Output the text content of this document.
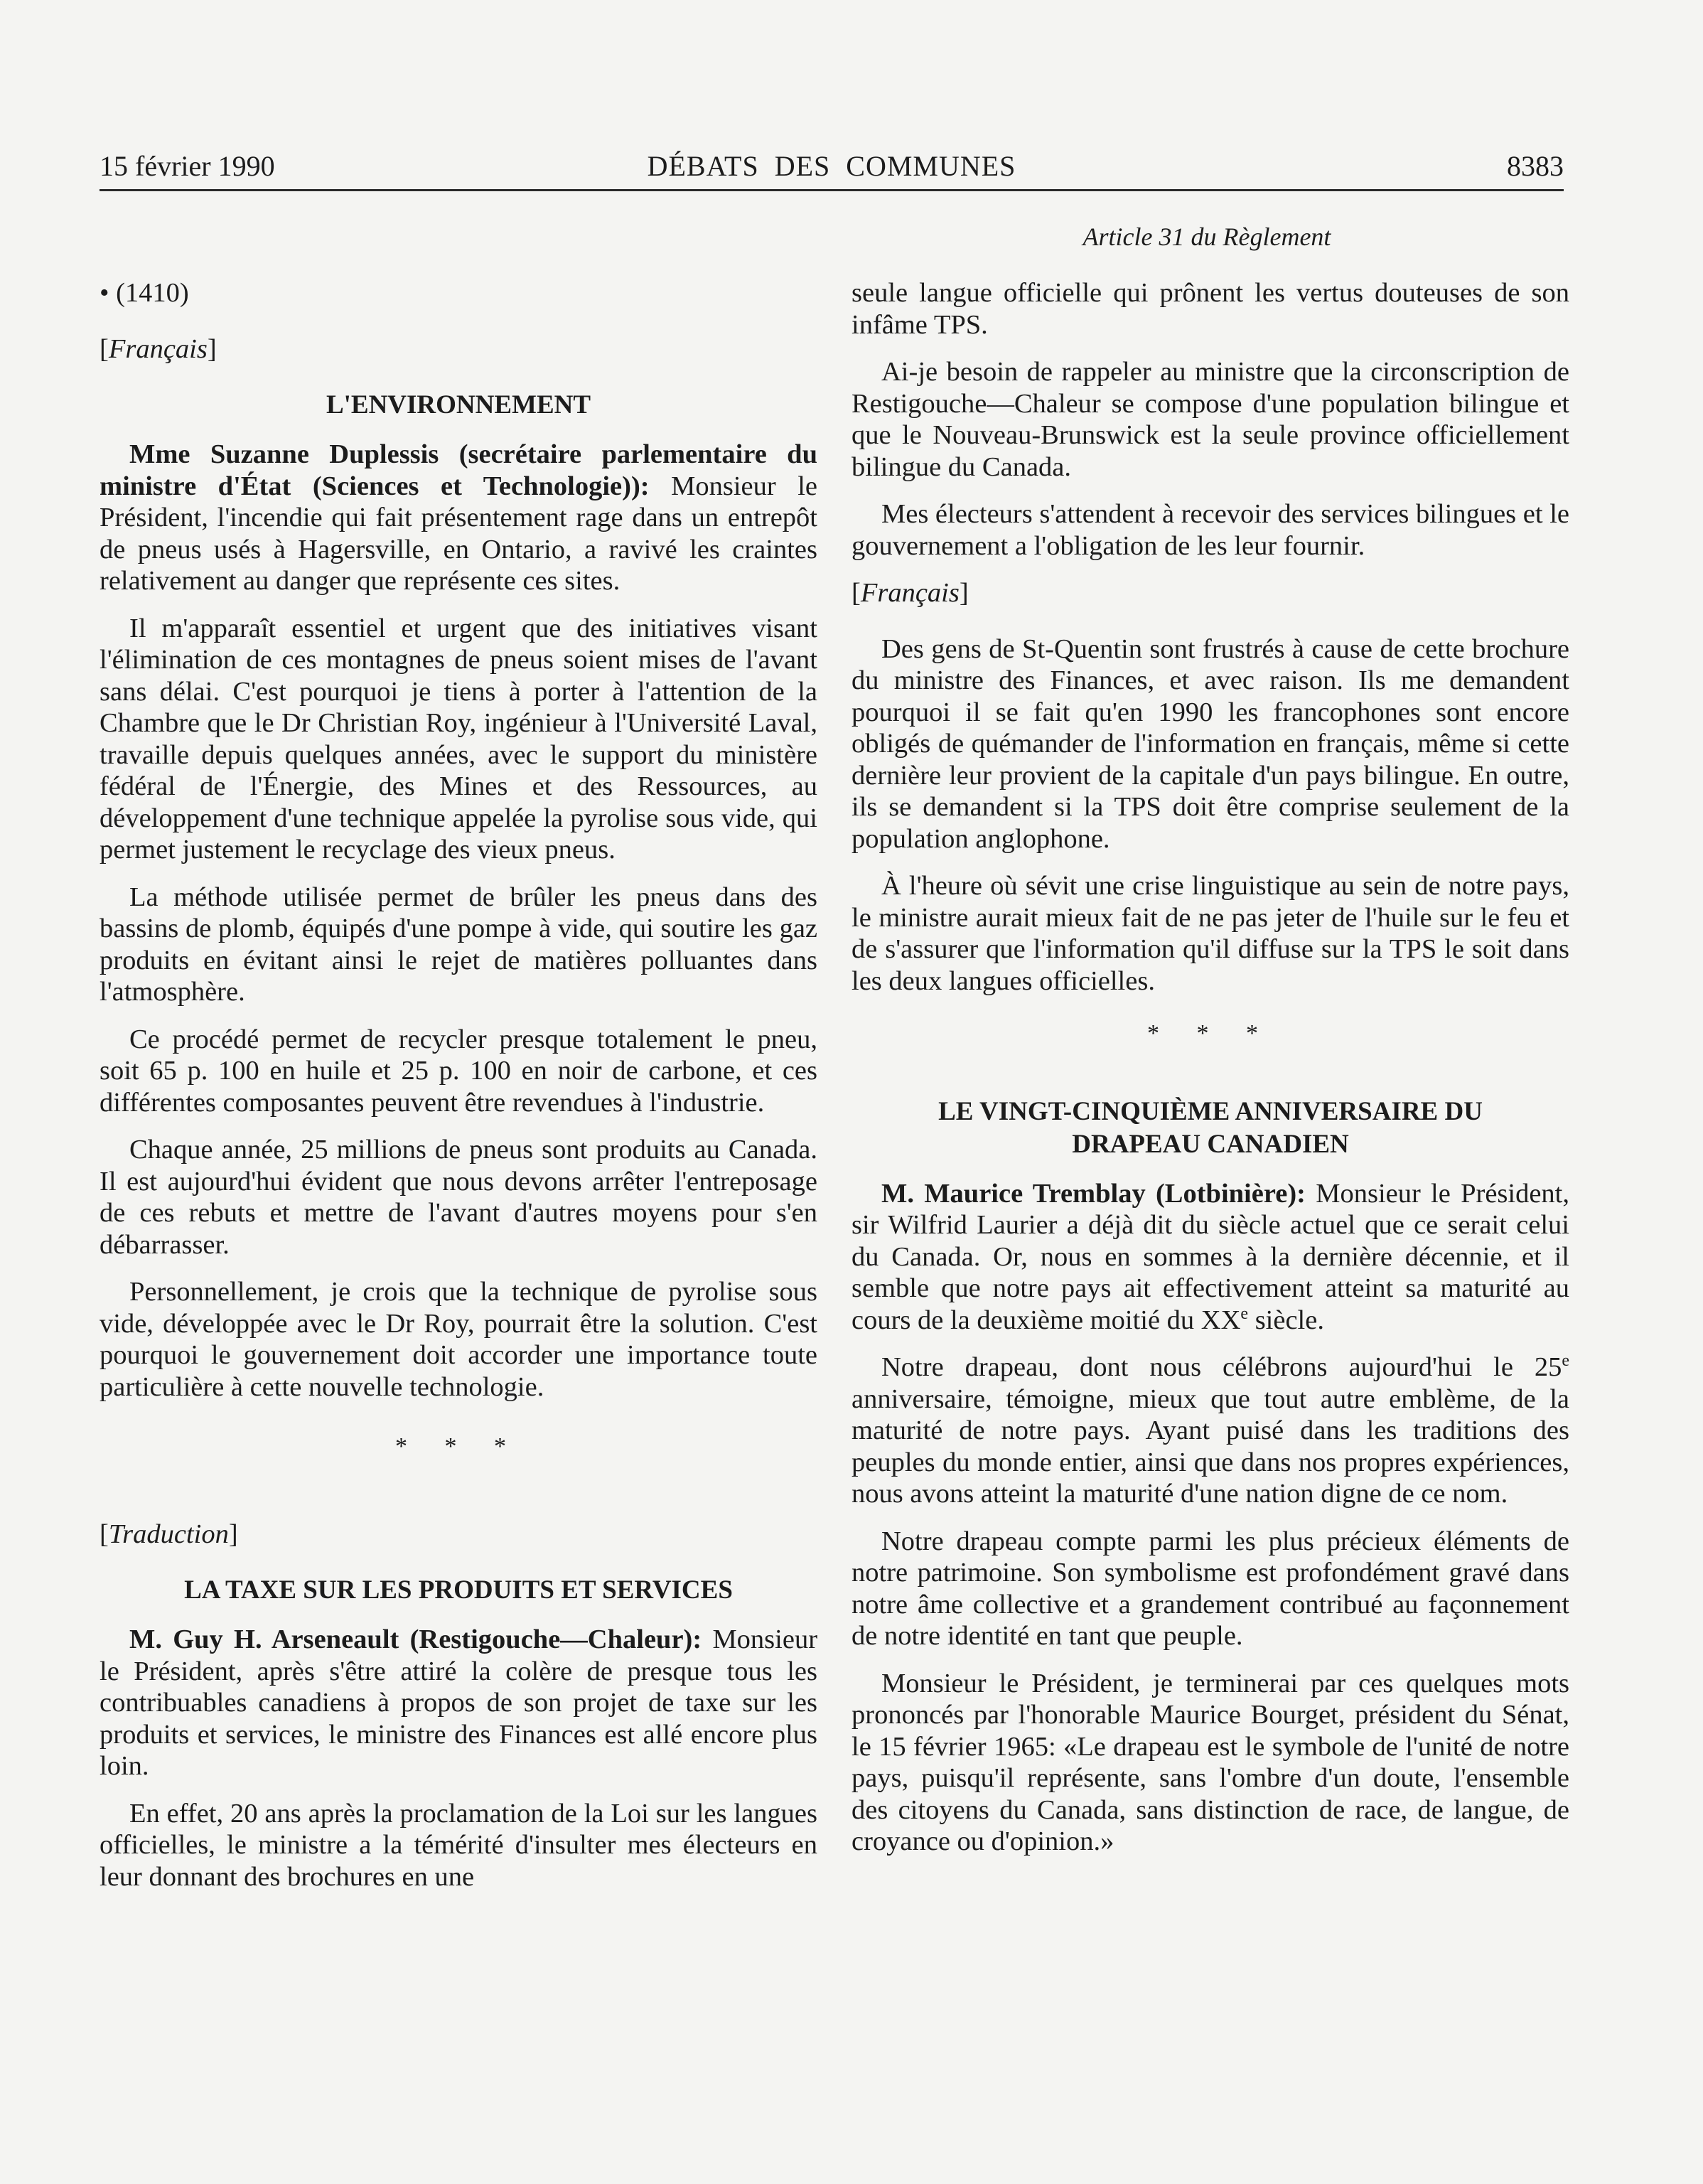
15 février 1990	DÉBATS  DES  COMMUNES	8383
Article 31 du Règlement
• (1410)
[ Français ]
L'ENVIRONNEMENT

Mme Suzanne Duplessis (secrétaire parlementaire du ministre d'État (Sciences et Technologie)): Monsieur le Président, l'incendie qui fait présentement rage dans un entrepôt de pneus usés à Hagersville, en Ontario, a ravivé les craintes relativement au danger que représente ces sites.

Il m'apparaît essentiel et urgent que des initiatives visant l'élimination de ces montagnes de pneus soient mises de l'avant sans délai. C'est pourquoi je tiens à porter à l'attention de la Chambre que le Dr Christian Roy, ingénieur à l'Université Laval, travaille depuis quelques années, avec le support du ministère fédéral de l'Énergie, des Mines et des Ressources, au développement d'une technique appelée la pyrolise sous vide, qui permet justement le recyclage des vieux pneus.

La méthode utilisée permet de brûler les pneus dans des bassins de plomb, équipés d'une pompe à vide, qui soutire les gaz produits en évitant ainsi le rejet de matières polluantes dans l'atmosphère.

Ce procédé permet de recycler presque totalement le pneu, soit 65 p. 100 en huile et 25 p. 100 en noir de carbone, et ces différentes composantes peuvent être revendues à l'industrie.

Chaque année, 25 millions de pneus sont produits au Canada. Il est aujourd'hui évident que nous devons arrêter l'entreposage de ces rebuts et mettre de l'avant d'autres moyens pour s'en débarrasser.

Personnellement, je crois que la technique de pyrolise sous vide, développée avec le Dr Roy, pourrait être la solution. C'est pourquoi le gouvernement doit accorder une importance toute particulière à cette nouvelle technologie.

* * *
[ Traduction ]
LA TAXE SUR LES PRODUITS ET SERVICES

M. Guy H. Arseneault (Restigouche—Chaleur): Monsieur le Président, après s'être attiré la colère de presque tous les contribuables canadiens à propos de son projet de taxe sur les produits et services, le ministre des Finances est allé encore plus loin.

En effet, 20 ans après la proclamation de la Loi sur les langues officielles, le ministre a la témérité d'insulter mes électeurs en leur donnant des brochures en une

seule langue officielle qui prônent les vertus douteuses de son infâme TPS.

Ai-je besoin de rappeler au ministre que la circonscription de Restigouche—Chaleur se compose d'une population bilingue et que le Nouveau-Brunswick est la seule province officiellement bilingue du Canada.

Mes électeurs s'attendent à recevoir des services bilingues et le gouvernement a l'obligation de les leur fournir.

[ Français ]

Des gens de St-Quentin sont frustrés à cause de cette brochure du ministre des Finances, et avec raison. Ils me demandent pourquoi il se fait qu'en 1990 les francophones sont encore obligés de quémander de l'information en français, même si cette dernière leur provient de la capitale d'un pays bilingue. En outre, ils se demandent si la TPS doit être comprise seulement de la population anglophone.

À l'heure où sévit une crise linguistique au sein de notre pays, le ministre aurait mieux fait de ne pas jeter de l'huile sur le feu et de s'assurer que l'information qu'il diffuse sur la TPS le soit dans les deux langues officielles.

* * *
LE VINGT-CINQUIÈME ANNIVERSAIRE DU DRAPEAU CANADIEN

M. Maurice Tremblay (Lotbinière): Monsieur le Président, sir Wilfrid Laurier a déjà dit du siècle actuel que ce serait celui du Canada. Or, nous en sommes à la dernière décennie, et il semble que notre pays ait effectivement atteint sa maturité au cours de la deuxième moitié du XXe siècle.

Notre drapeau, dont nous célébrons aujourd'hui le 25e anniversaire, témoigne, mieux que tout autre emblème, de la maturité de notre pays. Ayant puisé dans les traditions des peuples du monde entier, ainsi que dans nos propres expériences, nous avons atteint la maturité d'une nation digne de ce nom.

Notre drapeau compte parmi les plus précieux éléments de notre patrimoine. Son symbolisme est profondément gravé dans notre âme collective et a grandement contribué au façonnement de notre identité en tant que peuple.

Monsieur le Président, je terminerai par ces quelques mots prononcés par l'honorable Maurice Bourget, président du Sénat, le 15 février 1965: «Le drapeau est le symbole de l'unité de notre pays, puisqu'il représente, sans l'ombre d'un doute, l'ensemble des citoyens du Canada, sans distinction de race, de langue, de croyance ou d'opinion.»
